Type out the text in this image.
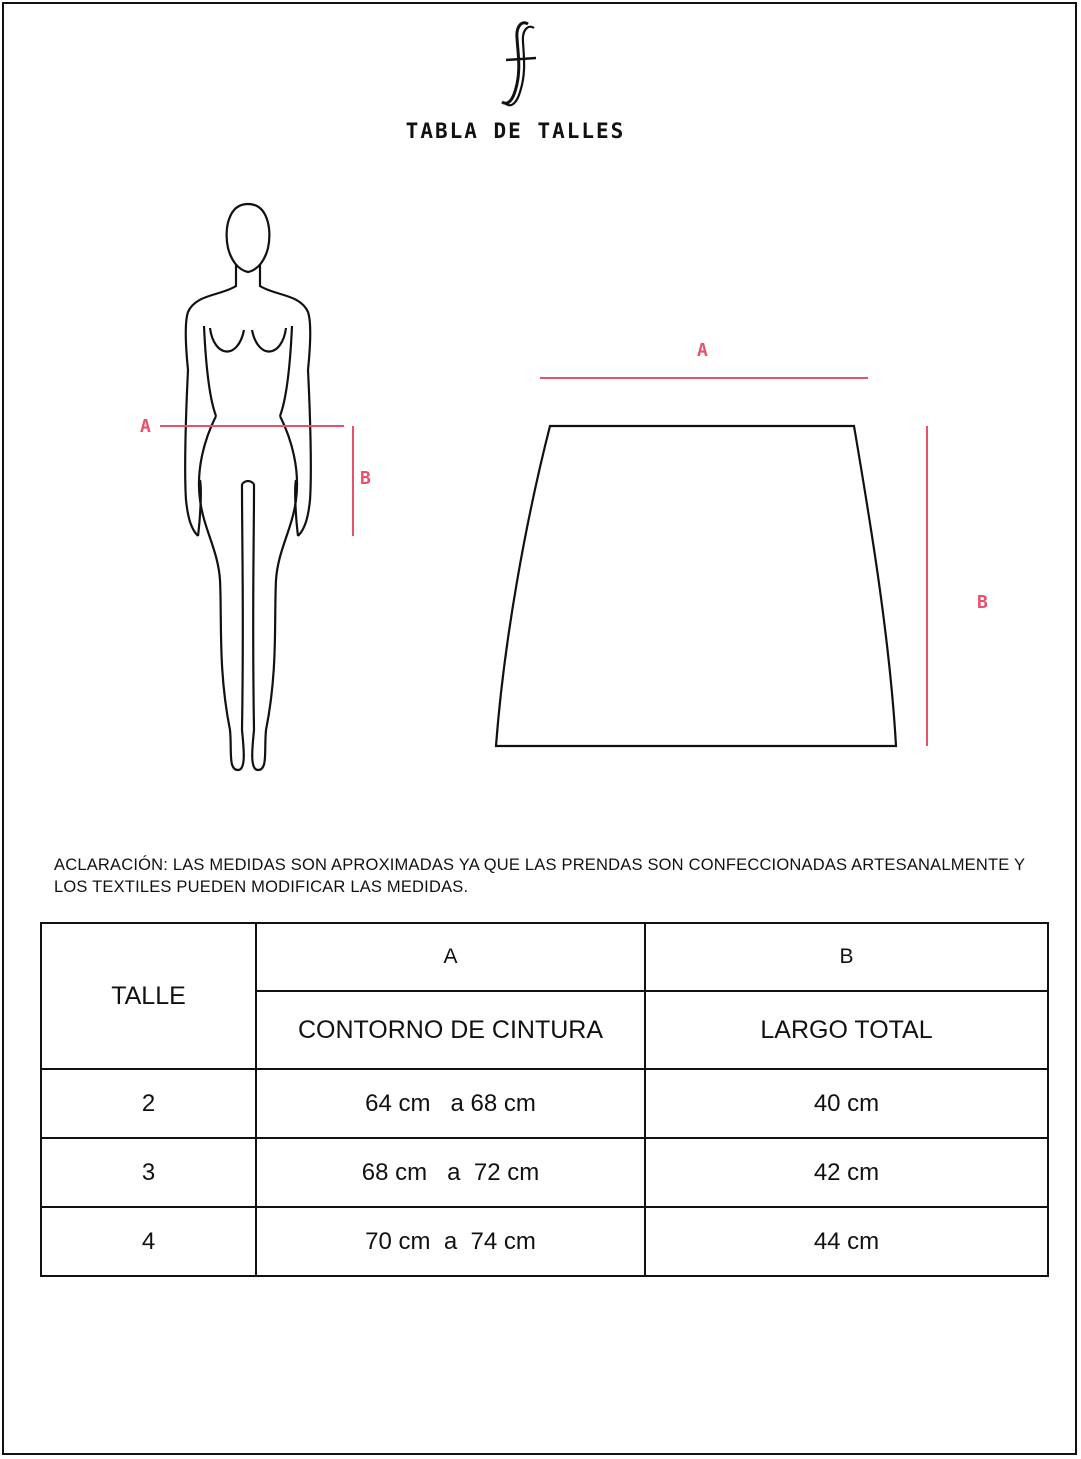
TABLA DE TALLES
A
B
A
B
ACLARACIÓN: LAS MEDIDAS SON APROXIMADAS YA QUE LAS PRENDAS SON CONFECCIONADAS ARTESANALMENTE Y LOS TEXTILES PUEDEN MODIFICAR LAS MEDIDAS.
TALLE	A	B
	CONTORNO DE CINTURA	LARGO TOTAL
2	64 cm   a 68 cm	40 cm
3	68 cm   a  72 cm	42 cm
4	70 cm  a  74 cm	44 cm
